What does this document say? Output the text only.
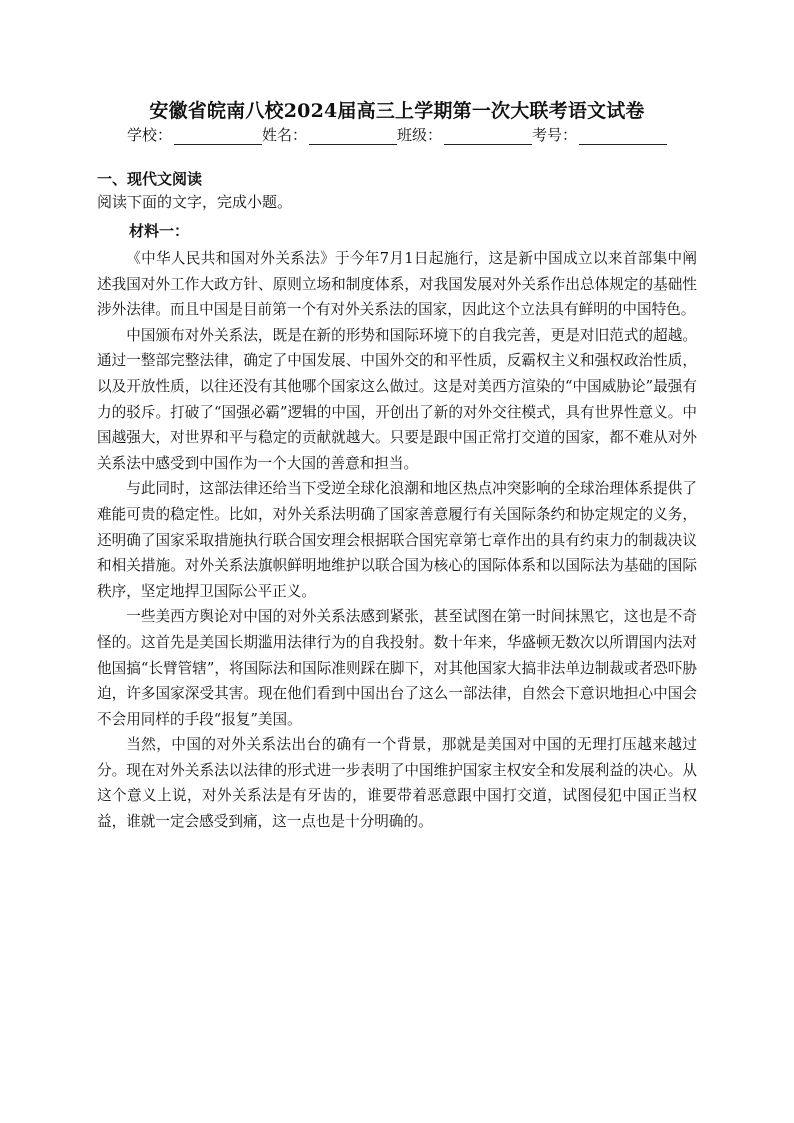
安徽省皖南八校2024届高三上学期第一次大联考语文试卷
学校：	姓名：	班级：	考号：
一、现代文阅读
阅读下面的文字，完成小题。
材料一：

《中华人民共和国对外关系法》于今年7月1日起施行，这是新中国成立以来首部集中阐述我国对外工作大政方针、原则立场和制度体系，对我国发展对外关系作出总体规定的基础性涉外法律。而且中国是目前第一个有对外关系法的国家，因此这个立法具有鲜明的中国特色。

中国颁布对外关系法，既是在新的形势和国际环境下的自我完善，更是对旧范式的超越。通过一整部完整法律，确定了中国发展、中国外交的和平性质，反霸权主义和强权政治性质，以及开放性质，以往还没有其他哪个国家这么做过。这是对美西方渲染的“中国威胁论”最强有力的驳斥。打破了“国强必霸”逻辑的中国，开创出了新的对外交往模式，具有世界性意义。中国越强大，对世界和平与稳定的贡献就越大。只要是跟中国正常打交道的国家，都不难从对外关系法中感受到中国作为一个大国的善意和担当。

与此同时，这部法律还给当下受逆全球化浪潮和地区热点冲突影响的全球治理体系提供了难能可贵的稳定性。比如，对外关系法明确了国家善意履行有关国际条约和协定规定的义务，还明确了国家采取措施执行联合国安理会根据联合国宪章第七章作出的具有约束力的制裁决议和相关措施。对外关系法旗帜鲜明地维护以联合国为核心的国际体系和以国际法为基础的国际秩序，坚定地捍卫国际公平正义。

一些美西方舆论对中国的对外关系法感到紧张，甚至试图在第一时间抹黑它，这也是不奇怪的。这首先是美国长期滥用法律行为的自我投射。数十年来，华盛顿无数次以所谓国内法对他国搞“长臂管辖”，将国际法和国际准则踩在脚下，对其他国家大搞非法单边制裁或者恐吓胁迫，许多国家深受其害。现在他们看到中国出台了这么一部法律，自然会下意识地担心中国会不会用同样的手段“报复”美国。

当然，中国的对外关系法出台的确有一个背景，那就是美国对中国的无理打压越来越过分。现在对外关系法以法律的形式进一步表明了中国维护国家主权安全和发展利益的决心。从这个意义上说，对外关系法是有牙齿的，谁要带着恶意跟中国打交道，试图侵犯中国正当权益，谁就一定会感受到痛，这一点也是十分明确的。
